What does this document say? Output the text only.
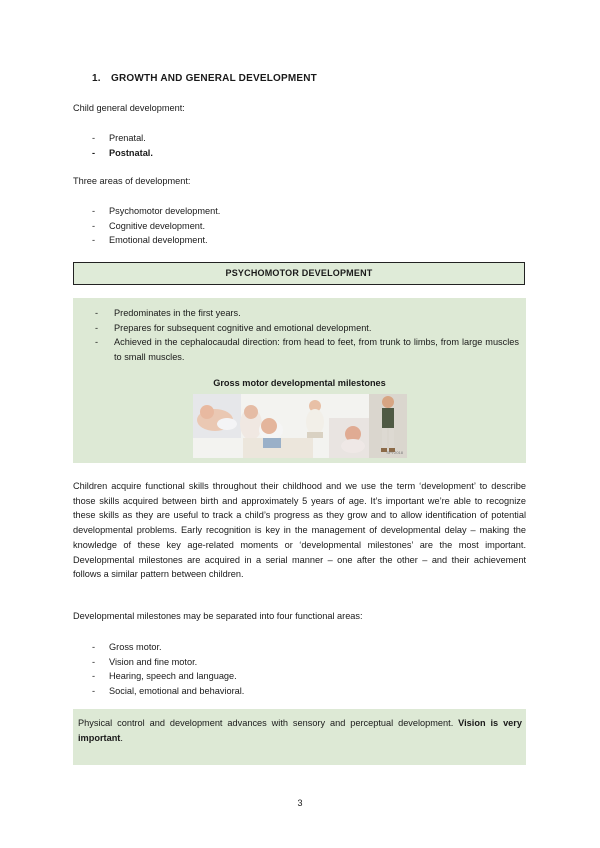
1. GROWTH AND GENERAL DEVELOPMENT
Child general development:
- Prenatal.
- Postnatal.
Three areas of development:
- Psychomotor development.
- Cognitive development.
- Emotional development.
PSYCHOMOTOR DEVELOPMENT
- Predominates in the first years.
- Prepares for subsequent cognitive and emotional development.
- Achieved in the cephalocaudal direction: from head to feet, from trunk to limbs, from large muscles to small muscles.
Gross motor developmental milestones
SPI·2018
Children acquire functional skills throughout their childhood and we use the term ‘development’ to describe those skills acquired between birth and approximately 5 years of age. It’s important we’re able to recognize these skills as they are useful to track a child’s progress as they grow and to allow identification of potential developmental problems. Early recognition is key in the management of developmental delay – making the knowledge of these key age-related moments or ‘developmental milestones’ are the most important. Developmental milestones are acquired in a serial manner – one after the other – and their achievement follows a similar pattern between children.
Developmental milestones may be separated into four functional areas:
- Gross motor.
- Vision and fine motor.
- Hearing, speech and language.
- Social, emotional and behavioral.
Physical control and development advances with sensory and perceptual development. Vision is very important.
3
